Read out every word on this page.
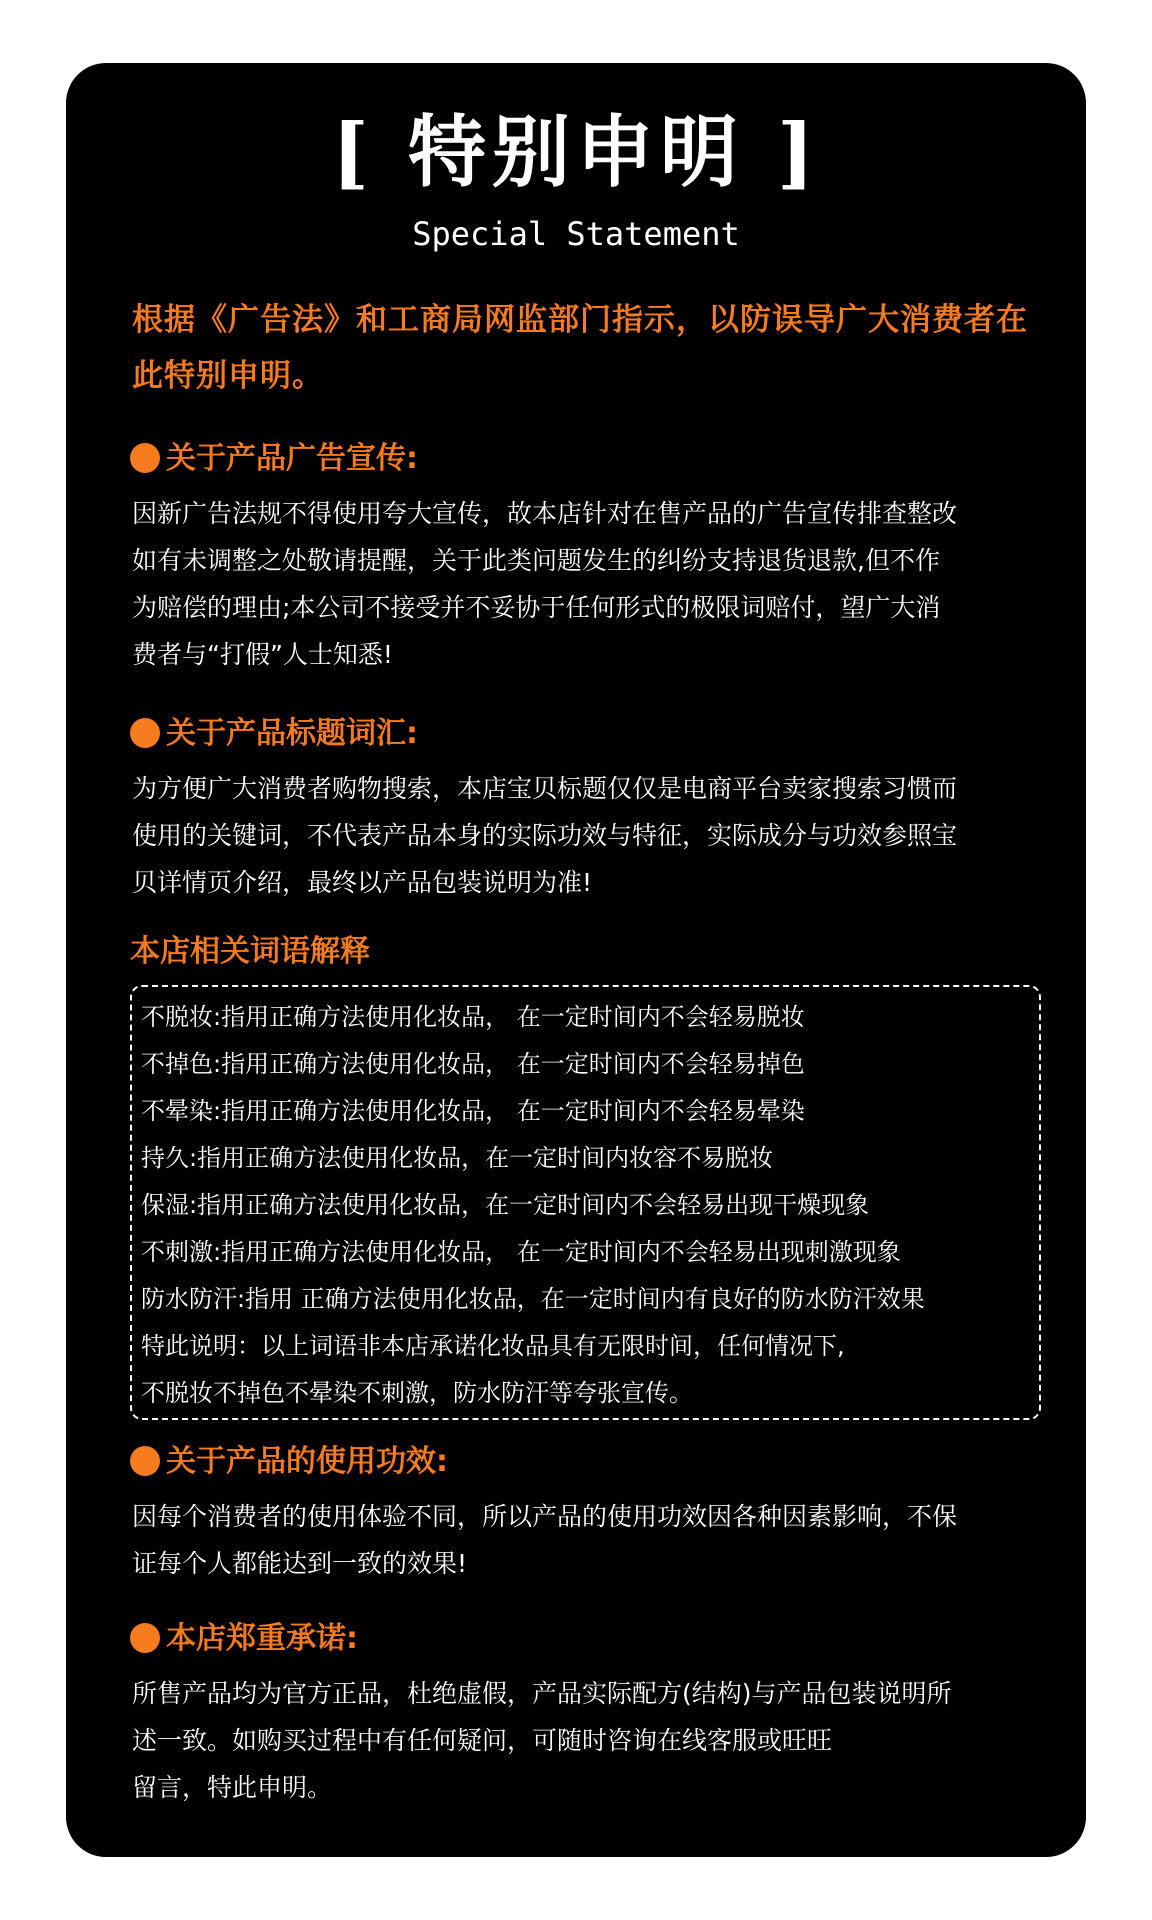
[ 特别申明 ]
Special Statement
根据《广告法》和工商局网监部门指示，以防误导广大消费者在此特别申明。
关于产品广告宣传:
因新广告法规不得使用夸大宣传，故本店针对在售产品的广告宣传排查整改
如有未调整之处敬请提醒，关于此类问题发生的纠纷支持退货退款,但不作
为赔偿的理由;本公司不接受并不妥协于任何形式的极限词赔付，望广大消
费者与“打假”人士知悉!
关于产品标题词汇:
为方便广大消费者购物搜索，本店宝贝标题仅仅是电商平台卖家搜索习惯而
使用的关键词，不代表产品本身的实际功效与特征，实际成分与功效参照宝
贝详情页介绍，最终以产品包装说明为准!
本店相关词语解释
不脱妆:指用正确方法使用化妆品， 在一定时间内不会轻易脱妆
不掉色:指用正确方法使用化妆品， 在一定时间内不会轻易掉色
不晕染:指用正确方法使用化妆品， 在一定时间内不会轻易晕染
持久:指用正确方法使用化妆品，在一定时间内妆容不易脱妆
保湿:指用正确方法使用化妆品，在一定时间内不会轻易出现干燥现象
不刺激:指用正确方法使用化妆品， 在一定时间内不会轻易出现刺激现象
防水防汗:指用 正确方法使用化妆品，在一定时间内有良好的防水防汗效果
特此说明：以上词语非本店承诺化妆品具有无限时间，任何情况下,
不脱妆不掉色不晕染不刺激，防水防汗等夸张宣传。
关于产品的使用功效:
因每个消费者的使用体验不同，所以产品的使用功效因各种因素影响，不保
证每个人都能达到一致的效果!
本店郑重承诺:
所售产品均为官方正品，杜绝虚假，产品实际配方(结构)与产品包装说明所
述一致。如购买过程中有任何疑问，可随时咨询在线客服或旺旺
留言，特此申明。
